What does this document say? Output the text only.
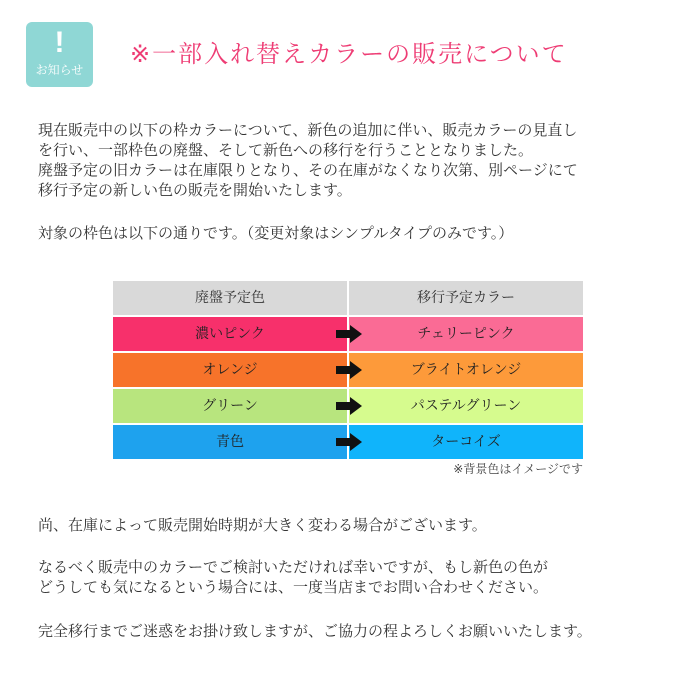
!
お知らせ
※一部入れ替えカラーの販売について

現在販売中の以下の枠カラーについて、新色の追加に伴い、販売カラーの見直し
を行い、一部枠色の廃盤、そして新色への移行を行うこととなりました。
廃盤予定の旧カラーは在庫限りとなり、その在庫がなくなり次第、別ページにて
移行予定の新しい色の販売を開始いたします。

対象の枠色は以下の通りです。（変更対象はシンプルタイプのみです。）

廃盤予定色	移行予定カラー
濃いピンク	チェリーピンク
オレンジ	ブライトオレンジ
グリーン	パステルグリーン
青色	ターコイズ
※背景色はイメージです

尚、在庫によって販売開始時期が大きく変わる場合がございます。

なるべく販売中のカラーでご検討いただければ幸いですが、もし新色の色が
どうしても気になるという場合には、一度当店までお問い合わせください。

完全移行までご迷惑をお掛け致しますが、ご協力の程よろしくお願いいたします。
